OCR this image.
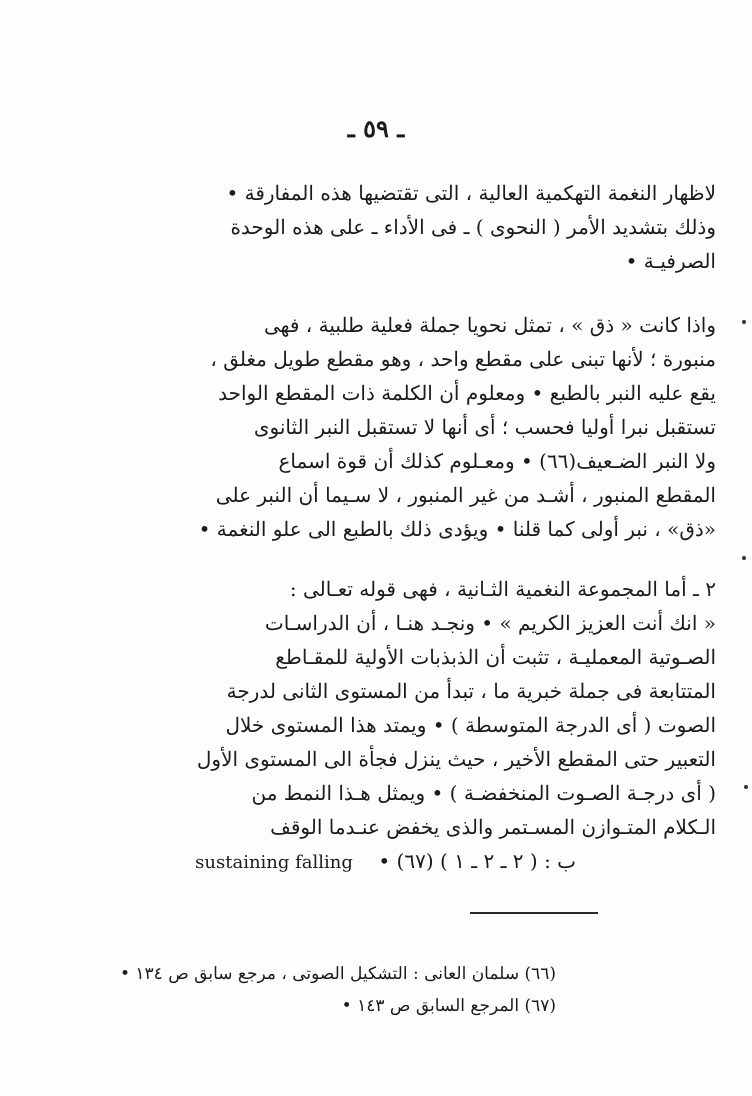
ـ ٥٩ ـ
لاظهار النغمة التهكمية العالية ، التى تقتضيها هذه المفارقة •
وذلك بتشديد الأمر ( النحوى ) ـ فى الأداء ـ على هذه الوحدة
الصرفيـة •
واذا كانت « ذق » ، تمثل نحويا جملة فعلية طلبية ، فهى
منبورة ؛ لأنها تبنى على مقطع واحد ، وهو مقطع طويل مغلق ،
يقع عليه النبر بالطبع • ومعلوم أن الكلمة ذات المقطع الواحد
تستقبل نبرا أوليا فحسب ؛ أى أنها لا تستقبل النبر الثانوى
ولا النبر الضـعيف(٦٦) • ومعـلوم كذلك أن قوة اسماع
المقطع المنبور ، أشـد من غير المنبور ، لا سـيما أن النبر على
«ذق» ، نبر أولى كما قلنا • ويؤدى ذلك بالطبع الى علو النغمة •
٢ ـ أما المجموعة النغمية الثـانية ، فهى قوله تعـالى :
« انك أنت العزيز الكريم » • ونجـد هنـا ، أن الدراسـات
الصـوتية المعمليـة ، تثبت أن الذبذبات الأولية للمقـاطع
المتتابعة فى جملة خبرية ما ، تبدأ من المستوى الثانى لدرجة
الصوت ( أى الدرجة المتوسطة ) • ويمتد هذا المستوى خلال
التعبير حتى المقطع الأخير ، حيث ينزل فجأة الى المستوى الأول
( أى درجـة الصـوت المنخفضـة ) • ويمثل هـذا النمط من
الـكلام المتـوازن المسـتمر والذى يخفض عنـدما الوقف
ب : ( ٢ ـ ٢ ـ ١ ) (٦٧) •    sustaining falling
(٦٦) سلمان العانى : التشكيل الصوتى ، مرجع سابق ص ١٣٤ •
(٦٧) المرجع السابق ص ١٤٣ •
